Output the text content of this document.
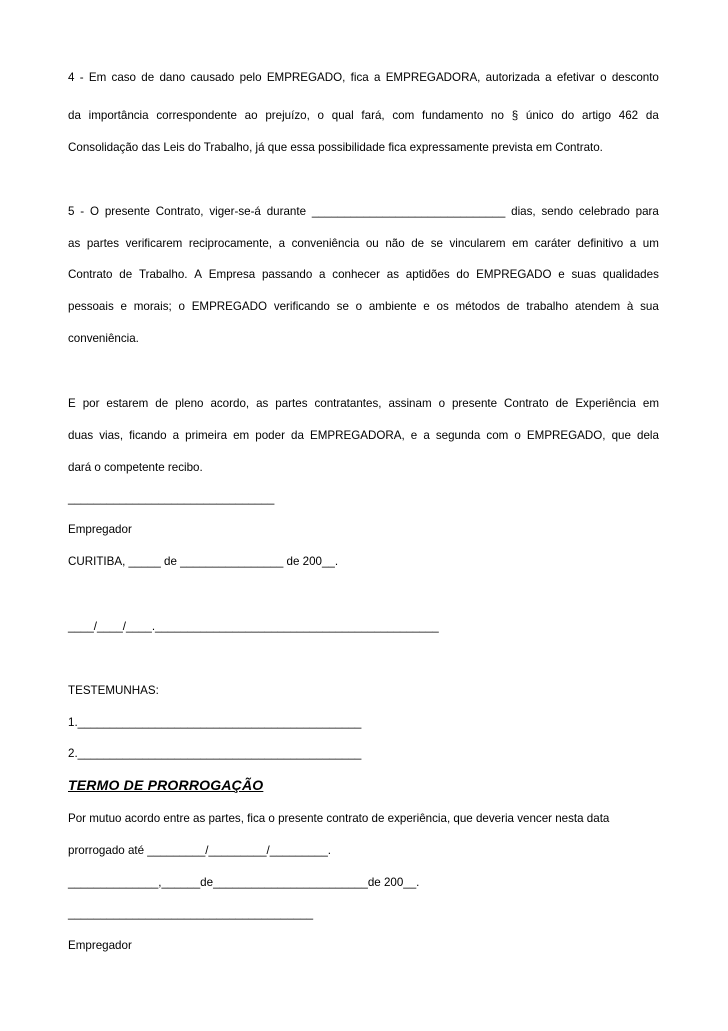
4 - Em caso de dano causado pelo EMPREGADO, fica a EMPREGADORA, autorizada a efetivar o desconto
da importância correspondente ao prejuízo, o qual fará, com fundamento no § único do artigo 462 da
Consolidação das Leis do Trabalho, já que essa possibilidade fica expressamente prevista em Contrato.
5 - O presente Contrato, viger-se-á durante ______________________________ dias, sendo celebrado para
as partes verificarem reciprocamente, a conveniência ou não de se vincularem em caráter definitivo a um
Contrato de Trabalho. A Empresa passando a conhecer as aptidões do EMPREGADO e suas qualidades
pessoais e morais; o EMPREGADO verificando se o ambiente e os métodos de trabalho atendem à sua
conveniência.
E por estarem de pleno acordo, as partes contratantes, assinam o presente Contrato de Experiência em
duas vias, ficando a primeira em poder da EMPREGADORA, e a segunda com o EMPREGADO, que dela
dará o competente recibo.
________________________________
Empregador
CURITIBA, _____ de ________________ de 200__.
____/____/____.____________________________________________
TESTEMUNHAS:
1.____________________________________________
2.____________________________________________
TERMO DE PRORROGAÇÃO
Por mutuo acordo entre as partes, fica o presente contrato de experiência, que deveria vencer nesta data
prorrogado até _________/_________/_________.
______________,______de________________________de 200__.
______________________________________
Empregador
